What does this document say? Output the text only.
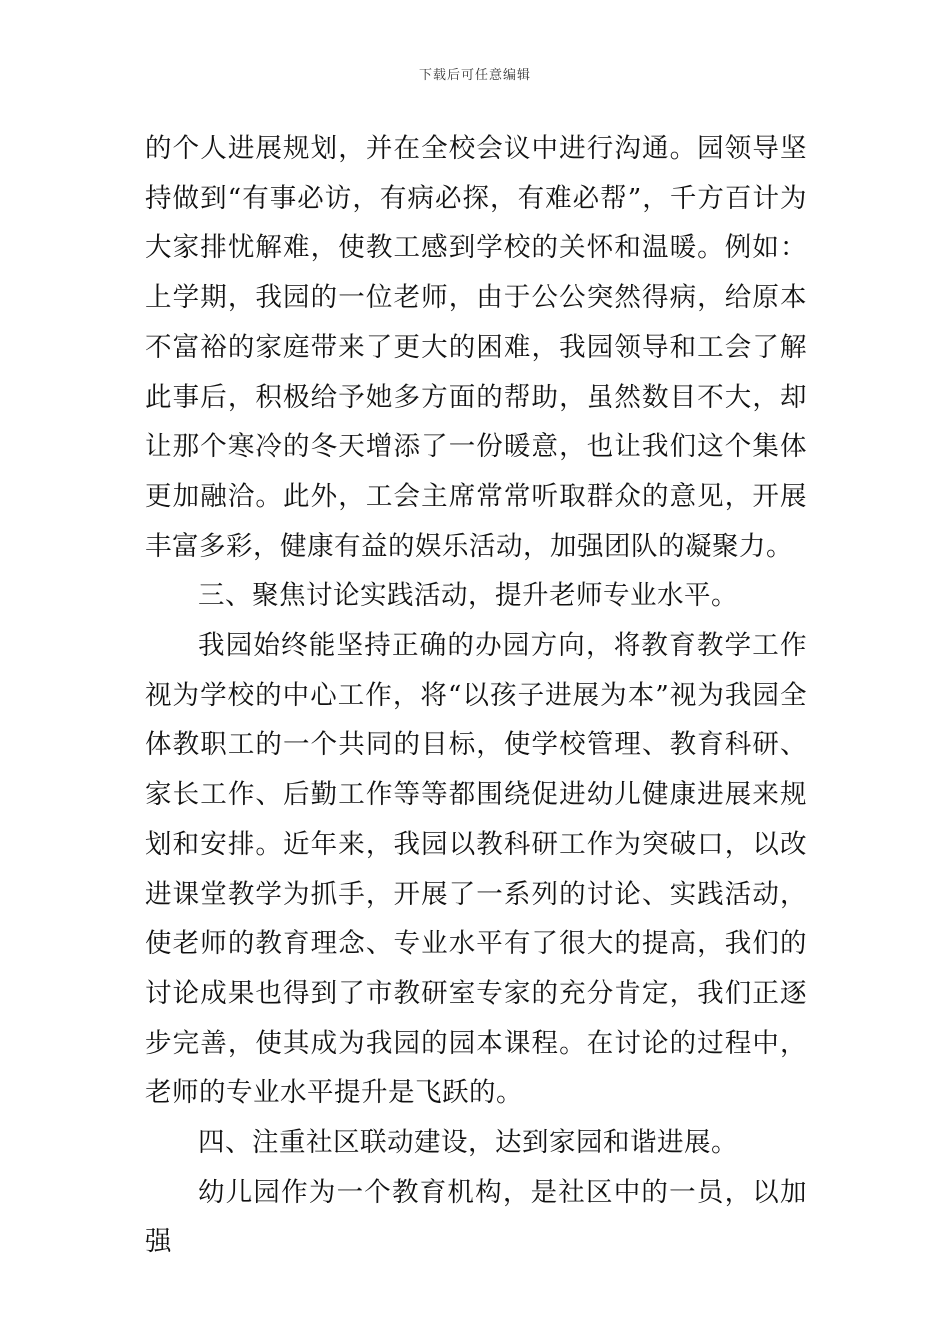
下载后可任意编辑

的个人进展规划，并在全校会议中进行沟通。园领导坚持做到“有事必访，有病必探，有难必帮”，千方百计为大家排忧解难，使教工感到学校的关怀和温暖。例如：上学期，我园的一位老师，由于公公突然得病，给原本不富裕的家庭带来了更大的困难，我园领导和工会了解此事后，积极给予她多方面的帮助，虽然数目不大，却让那个寒冷的冬天增添了一份暖意，也让我们这个集体更加融洽。此外，工会主席常常听取群众的意见，开展丰富多彩，健康有益的娱乐活动，加强团队的凝聚力。

三、聚焦讨论实践活动，提升老师专业水平。

我园始终能坚持正确的办园方向，将教育教学工作视为学校的中心工作，将“以孩子进展为本”视为我园全体教职工的一个共同的目标，使学校管理、教育科研、家长工作、后勤工作等等都围绕促进幼儿健康进展来规划和安排。近年来，我园以教科研工作为突破口，以改进课堂教学为抓手，开展了一系列的讨论、实践活动，使老师的教育理念、专业水平有了很大的提高，我们的讨论成果也得到了市教研室专家的充分肯定，我们正逐步完善，使其成为我园的园本课程。在讨论的过程中，老师的专业水平提升是飞跃的。

四、注重社区联动建设，达到家园和谐进展。

幼儿园作为一个教育机构，是社区中的一员，以加强
